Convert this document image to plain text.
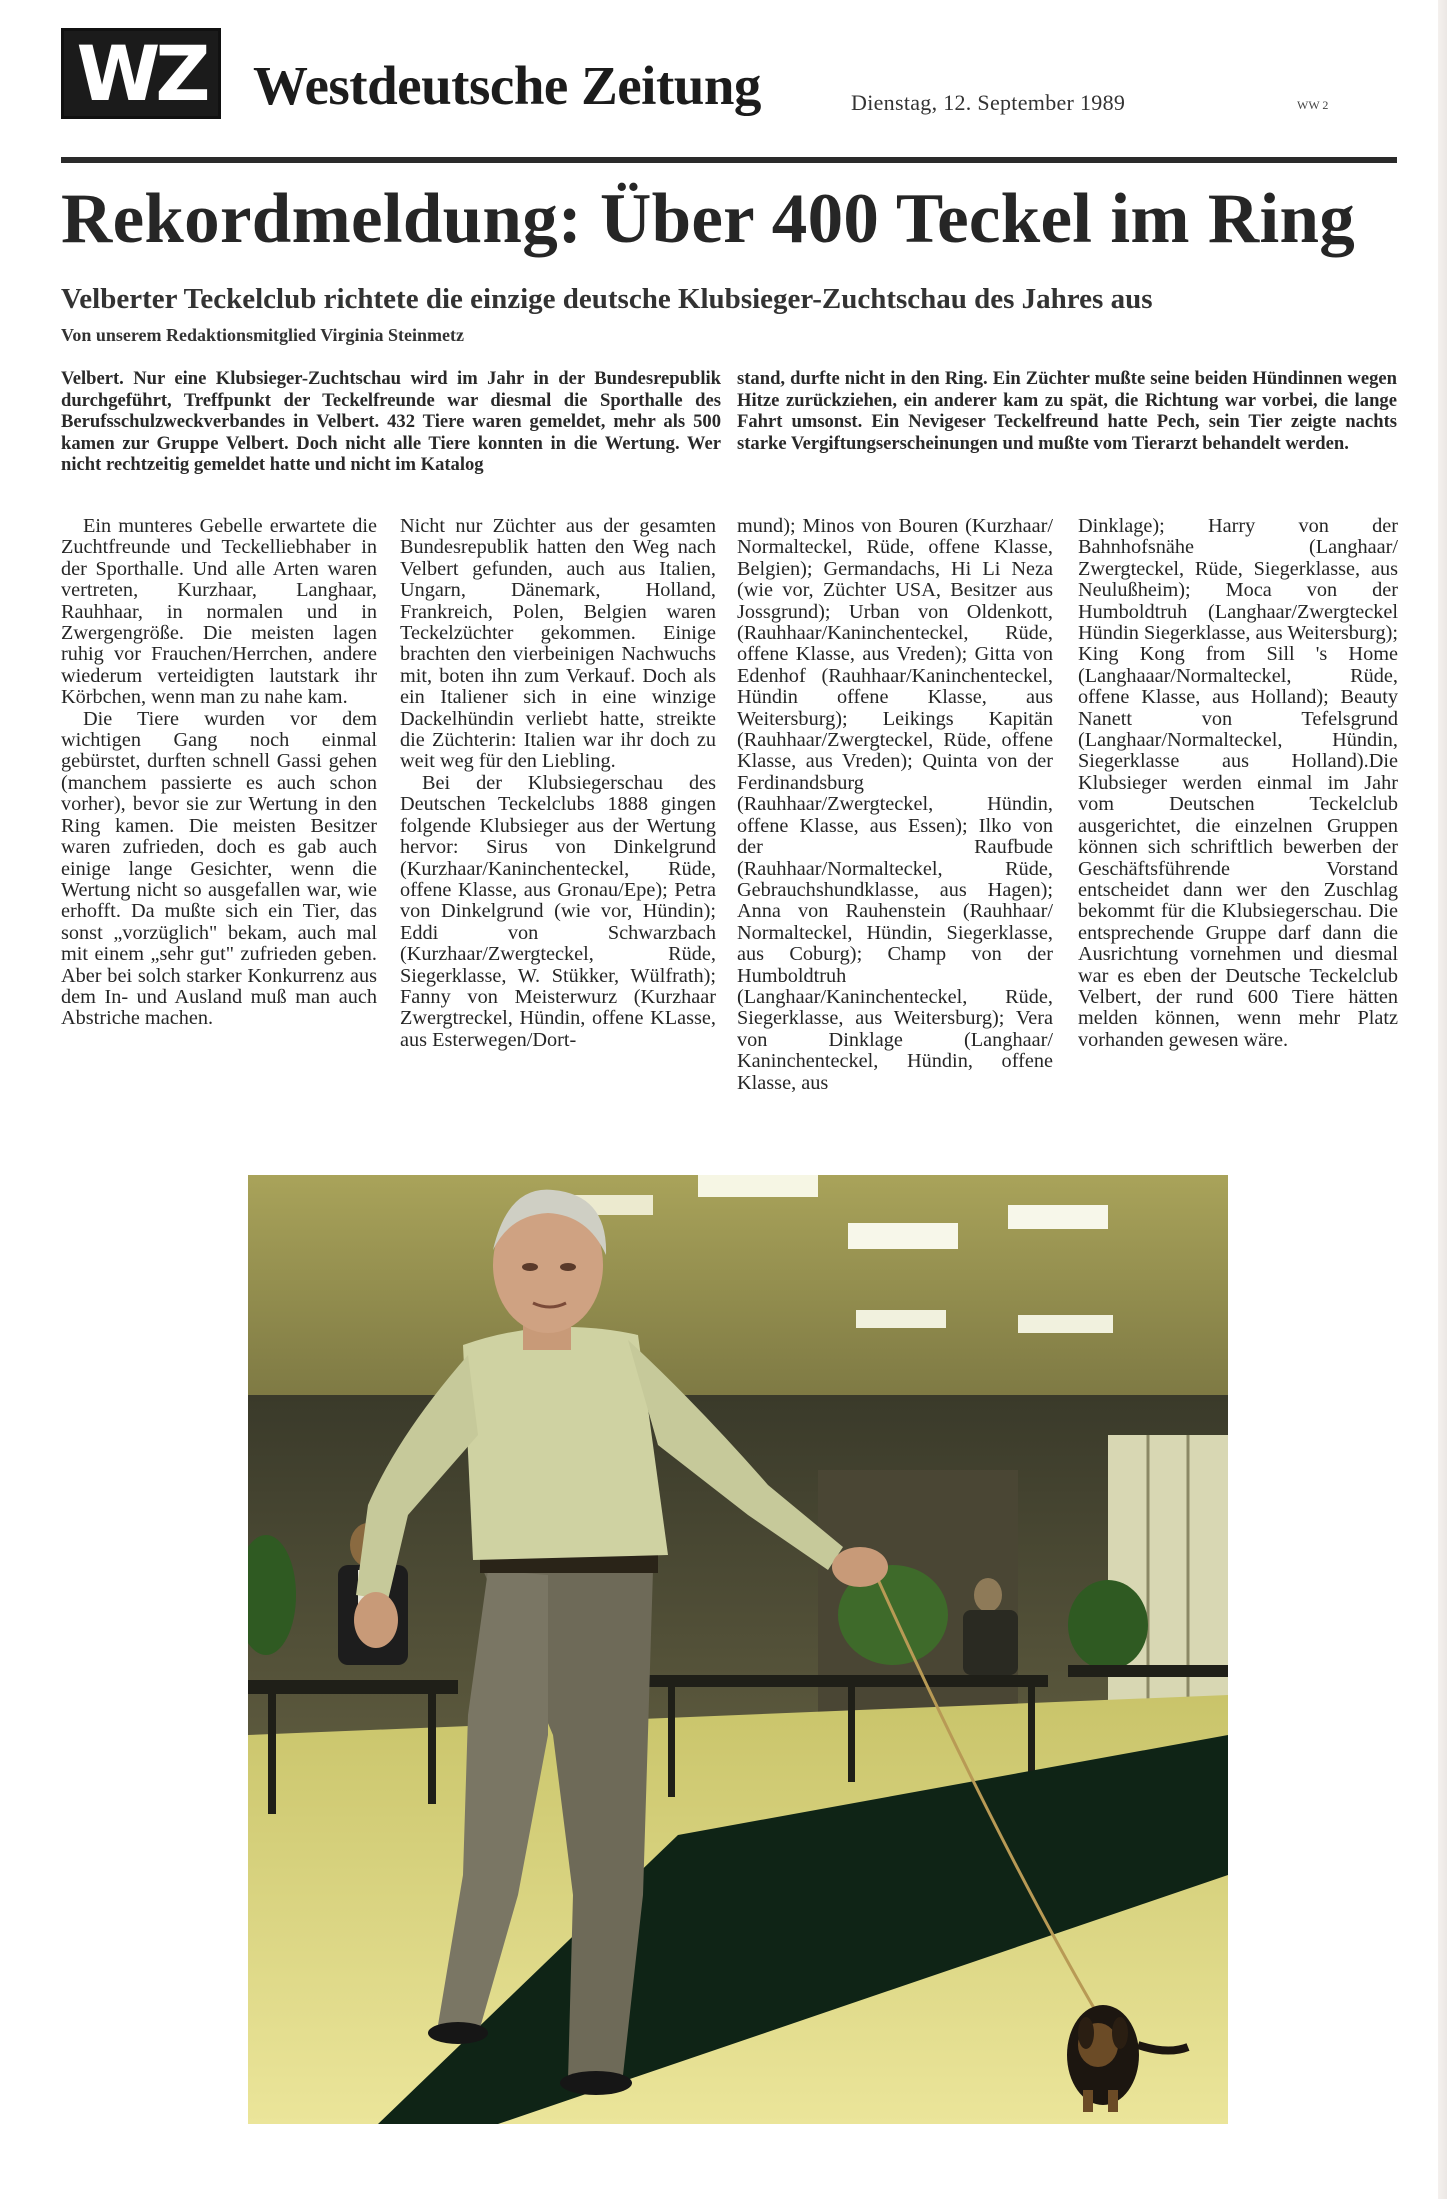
WZ Westdeutsche Zeitung	Dienstag, 12. September 1989	WW 2
Rekordmeldung: Über 400 Teckel im Ring
Velberter Teckelclub richtete die einzige deutsche Klubsieger-Zuchtschau des Jahres aus
Von unserem Redaktionsmitglied Virginia Steinmetz
Velbert. Nur eine Klubsieger-Zuchtschau wird im Jahr in der Bundesrepublik durchgeführt, Treffpunkt der Teckelfreunde war diesmal die Sporthalle des Berufsschulzweckverbandes in Velbert. 432 Tiere waren gemeldet, mehr als 500 kamen zur Gruppe Velbert. Doch nicht alle Tiere konnten in die Wertung. Wer nicht rechtzeitig gemeldet hatte und nicht im Katalog
stand, durfte nicht in den Ring. Ein Züchter mußte seine beiden Hündinnen wegen Hitze zurückziehen, ein anderer kam zu spät, die Richtung war vorbei, die lange Fahrt umsonst. Ein Nevigeser Teckelfreund hatte Pech, sein Tier zeigte nachts starke Vergiftungserscheinungen und mußte vom Tierarzt behandelt werden.

Ein munteres Gebelle erwartete die Zuchtfreunde und Teckelliebhaber in der Sporthalle. Und alle Arten waren vertreten, Kurzhaar, Langhaar, Rauhhaar, in normalen und in Zwergengröße. Die meisten lagen ruhig vor Frauchen/Herrchen, andere wiederum verteidigten lautstark ihr Körbchen, wenn man zu nahe kam.

Die Tiere wurden vor dem wichtigen Gang noch einmal gebürstet, durften schnell Gassi gehen (manchem passierte es auch schon vorher), bevor sie zur Wertung in den Ring kamen. Die meisten Besitzer waren zufrieden, doch es gab auch einige lange Gesichter, wenn die Wertung nicht so ausgefallen war, wie erhofft. Da mußte sich ein Tier, das sonst „vorzüglich" bekam, auch mal mit einem „sehr gut" zufrieden geben. Aber bei solch starker Konkurrenz aus dem In- und Ausland muß man auch Abstriche machen.

Nicht nur Züchter aus der gesamten Bundesrepublik hatten den Weg nach Velbert gefunden, auch aus Italien, Ungarn, Dänemark, Holland, Frankreich, Polen, Belgien waren Teckelzüchter gekommen. Einige brachten den vierbeinigen Nachwuchs mit, boten ihn zum Verkauf. Doch als ein Italiener sich in eine winzige Dackelhündin verliebt hatte, streikte die Züchterin: Italien war ihr doch zu weit weg für den Liebling.

Bei der Klubsiegerschau des Deutschen Teckelclubs 1888 gingen folgende Klubsieger aus der Wertung hervor: Sirus von Dinkelgrund (Kurzhaar/Kaninchenteckel, Rüde, offene Klasse, aus Gronau/Epe); Petra von Dinkelgrund (wie vor, Hündin); Eddi von Schwarzbach (Kurzhaar/Zwergteckel, Rüde, Siegerklasse, W. Stükker, Wülfrath); Fanny von Meisterwurz (Kurzhaar Zwergtreckel, Hündin, offene KLasse, aus Esterwegen/Dort-

mund); Minos von Bouren (Kurzhaar/ Normalteckel, Rüde, offene Klasse, Belgien); Germandachs, Hi Li Neza (wie vor, Züchter USA, Besitzer aus Jossgrund); Urban von Oldenkott, (Rauhhaar/Kaninchenteckel, Rüde, offene Klasse, aus Vreden); Gitta von Edenhof (Rauhhaar/Kaninchenteckel, Hündin offene Klasse, aus Weitersburg); Leikings Kapitän (Rauhhaar/Zwergteckel, Rüde, offene Klasse, aus Vreden); Quinta von der Ferdinandsburg (Rauhhaar/Zwergteckel, Hündin, offene Klasse, aus Essen); Ilko von der Raufbude (Rauhhaar/Normalteckel, Rüde, Gebrauchshundklasse, aus Hagen); Anna von Rauhenstein (Rauhhaar/ Normalteckel, Hündin, Siegerklasse, aus Coburg); Champ von der Humboldtruh (Langhaar/Kaninchenteckel, Rüde, Siegerklasse, aus Weitersburg); Vera von Dinklage (Langhaar/ Kaninchenteckel, Hündin, offene Klasse, aus

Dinklage); Harry von der Bahnhofsnähe (Langhaar/ Zwergteckel, Rüde, Siegerklasse, aus Neulußheim); Moca von der Humboldtruh (Langhaar/Zwergteckel Hündin Siegerklasse, aus Weitersburg); King Kong from Sill 's Home (Langhaaar/Normalteckel, Rüde, offene Klasse, aus Holland); Beauty Nanett von Tefelsgrund (Langhaar/Normalteckel, Hündin, Siegerklasse aus Holland).Die Klubsieger werden einmal im Jahr vom Deutschen Teckelclub ausgerichtet, die einzelnen Gruppen können sich schriftlich bewerben der Geschäftsführende Vorstand entscheidet dann wer den Zuschlag bekommt für die Klubsiegerschau. Die entsprechende Gruppe darf dann die Ausrichtung vornehmen und diesmal war es eben der Deutsche Teckelclub Velbert, der rund 600 Tiere hätten melden können, wenn mehr Platz vorhanden gewesen wäre.
